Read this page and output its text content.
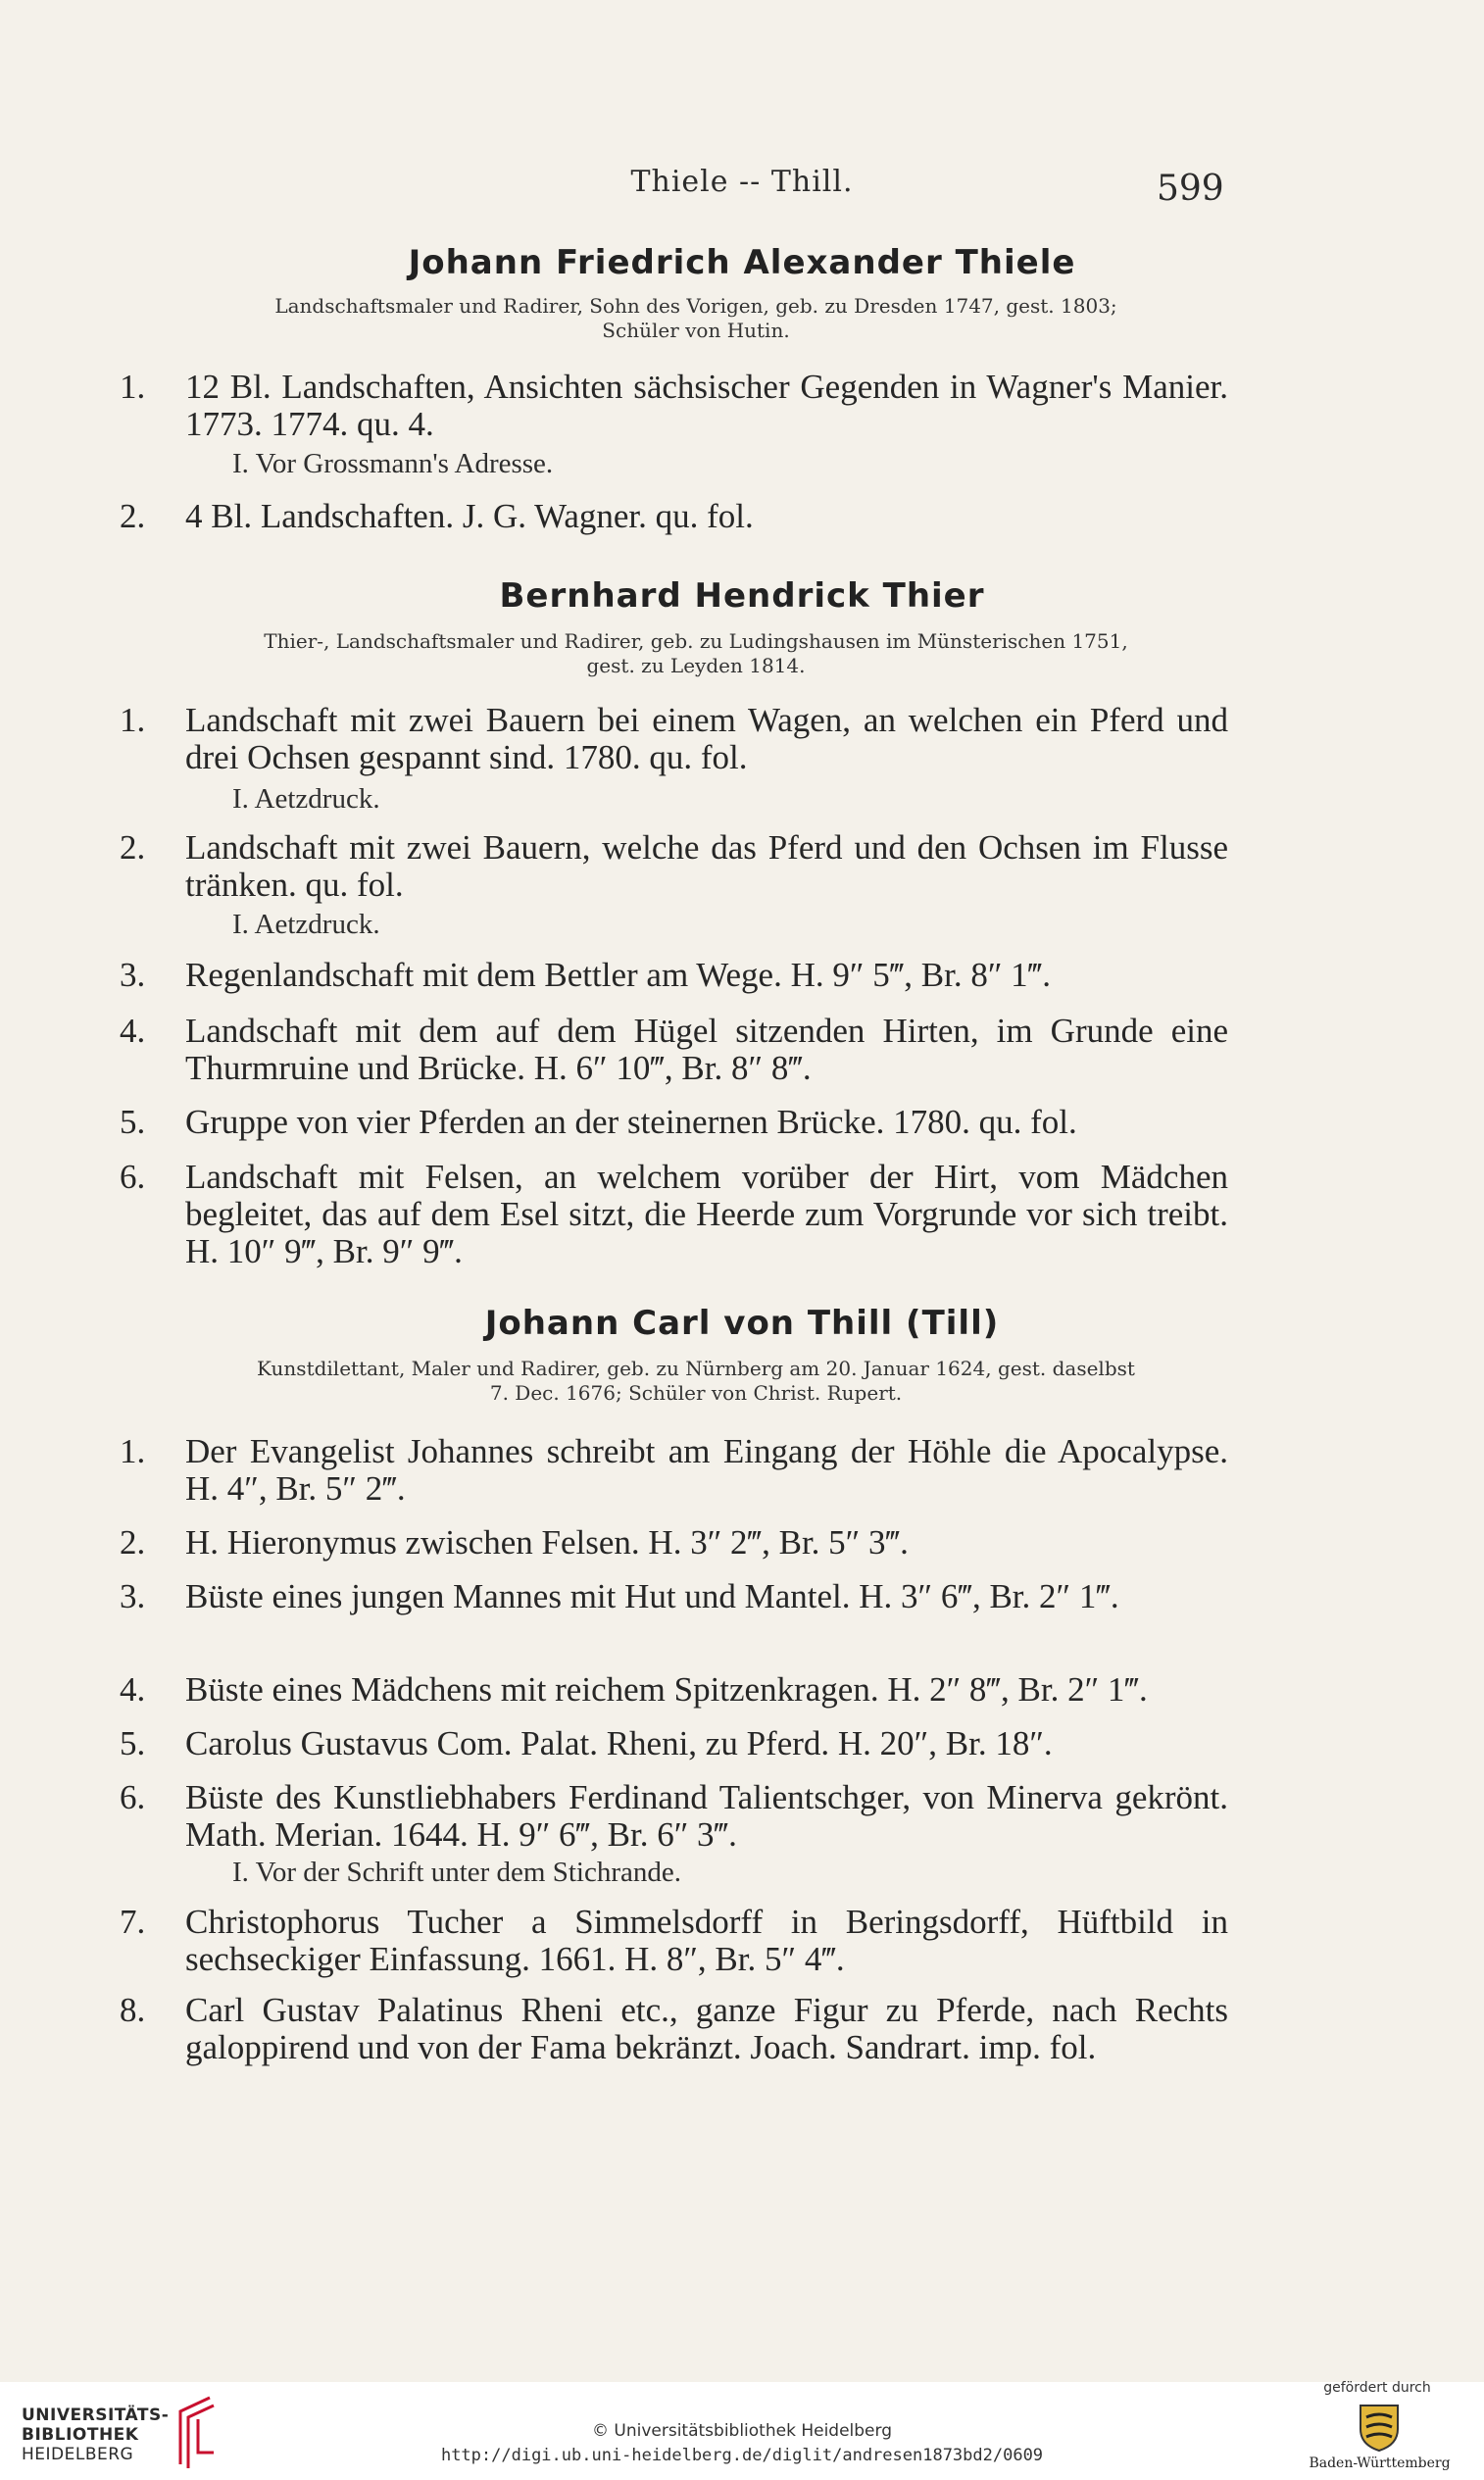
Thiele -- Thill.	599
Johann Friedrich Alexander Thiele
Landschaftsmaler und Radirer, Sohn des Vorigen, geb. zu Dresden 1747, gest. 1803;
Schüler von Hutin.
1.	12 Bl. Landschaften, Ansichten sächsischer Gegenden in Wagner's Manier. 1773. 1774. qu. 4.
I. Vor Grossmann's Adresse.
2.	4 Bl. Landschaften. J. G. Wagner. qu. fol.
Bernhard Hendrick Thier
Thier-, Landschaftsmaler und Radirer, geb. zu Ludingshausen im Münsterischen 1751,
gest. zu Leyden 1814.
1.	Landschaft mit zwei Bauern bei einem Wagen, an welchen ein Pferd und drei Ochsen gespannt sind. 1780. qu. fol.
I. Aetzdruck.
2.	Landschaft mit zwei Bauern, welche das Pferd und den Ochsen im Flusse tränken. qu. fol.
I. Aetzdruck.
3.	Regenlandschaft mit dem Bettler am Wege. H. 9″ 5‴, Br. 8″ 1‴.
4.	Landschaft mit dem auf dem Hügel sitzenden Hirten, im Grunde eine Thurmruine und Brücke. H. 6″ 10‴, Br. 8″ 8‴.
5.	Gruppe von vier Pferden an der steinernen Brücke. 1780. qu. fol.
6.	Landschaft mit Felsen, an welchem vorüber der Hirt, vom Mädchen begleitet, das auf dem Esel sitzt, die Heerde zum Vorgrunde vor sich treibt. H. 10″ 9‴, Br. 9″ 9‴.
Johann Carl von Thill (Till)
Kunstdilettant, Maler und Radirer, geb. zu Nürnberg am 20. Januar 1624, gest. daselbst
7. Dec. 1676; Schüler von Christ. Rupert.
1.	Der Evangelist Johannes schreibt am Eingang der Höhle die Apocalypse. H. 4″, Br. 5″ 2‴.
2.	H. Hieronymus zwischen Felsen. H. 3″ 2‴, Br. 5″ 3‴.
3.	Büste eines jungen Mannes mit Hut und Mantel. H. 3″ 6‴, Br. 2″ 1‴.
4.	Büste eines Mädchens mit reichem Spitzenkragen. H. 2″ 8‴, Br. 2″ 1‴.
5.	Carolus Gustavus Com. Palat. Rheni, zu Pferd. H. 20″, Br. 18″.
6.	Büste des Kunstliebhabers Ferdinand Talientschger, von Minerva gekrönt. Math. Merian. 1644. H. 9″ 6‴, Br. 6″ 3‴.
I. Vor der Schrift unter dem Stichrande.
7.	Christophorus Tucher a Simmelsdorff in Beringsdorff, Hüftbild in sechseckiger Einfassung. 1661. H. 8″, Br. 5″ 4‴.
8.	Carl Gustav Palatinus Rheni etc., ganze Figur zu Pferde, nach Rechts galoppirend und von der Fama bekränzt. Joach. Sandrart. imp. fol.
UNIVERSITÄTS-
BIBLIOTHEK
HEIDELBERG
© Universitätsbibliothek Heidelberg
http://digi.ub.uni-heidelberg.de/diglit/andresen1873bd2/0609
gefördert durch
Baden-Württemberg
